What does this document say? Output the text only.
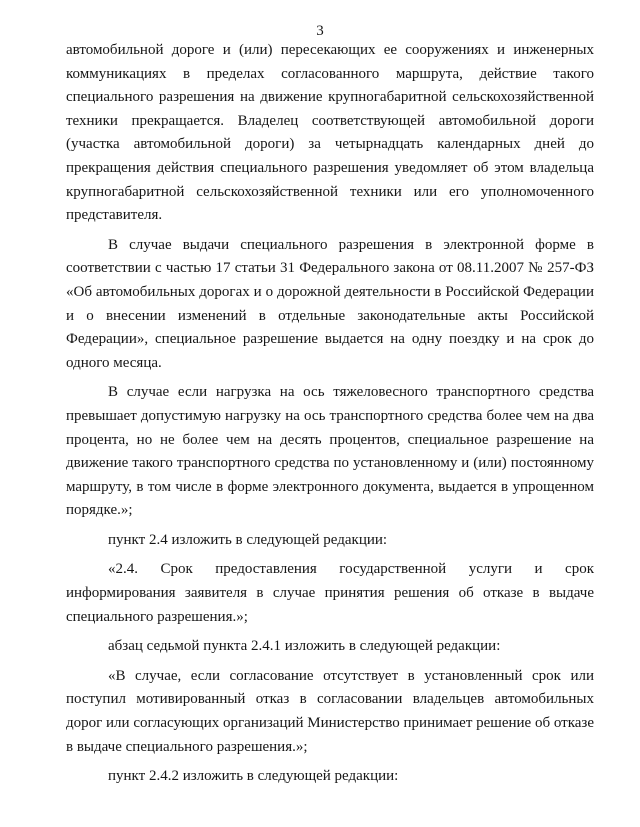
3

автомобильной дороге и (или) пересекающих ее сооружениях и инженерных коммуникациях в пределах согласованного маршрута, действие такого специального разрешения на движение крупногабаритной сельскохозяйственной техники прекращается. Владелец соответствующей автомобильной дороги (участка автомобильной дороги) за четырнадцать календарных дней до прекращения действия специального разрешения уведомляет об этом владельца крупногабаритной сельскохозяйственной техники или его уполномоченного представителя.

В случае выдачи специального разрешения в электронной форме в соответствии с частью 17 статьи 31 Федерального закона от 08.11.2007 № 257-ФЗ «Об автомобильных дорогах и о дорожной деятельности в Российской Федерации и о внесении изменений в отдельные законодательные акты Российской Федерации», специальное разрешение выдается на одну поездку и на срок до одного месяца.

В случае если нагрузка на ось тяжеловесного транспортного средства превышает допустимую нагрузку на ось транспортного средства более чем на два процента, но не более чем на десять процентов, специальное разрешение на движение такого транспортного средства по установленному и (или) постоянному маршруту, в том числе в форме электронного документа, выдается в упрощенном порядке.»;

пункт 2.4 изложить в следующей редакции:

«2.4. Срок предоставления государственной услуги и срок информирования заявителя в случае принятия решения об отказе в выдаче специального разрешения.»;

абзац седьмой пункта 2.4.1 изложить в следующей редакции:

«В случае, если согласование отсутствует в установленный срок или поступил мотивированный отказ в согласовании владельцев автомобильных дорог или согласующих организаций Министерство принимает решение об отказе в выдаче специального разрешения.»;

пункт 2.4.2 изложить в следующей редакции:
